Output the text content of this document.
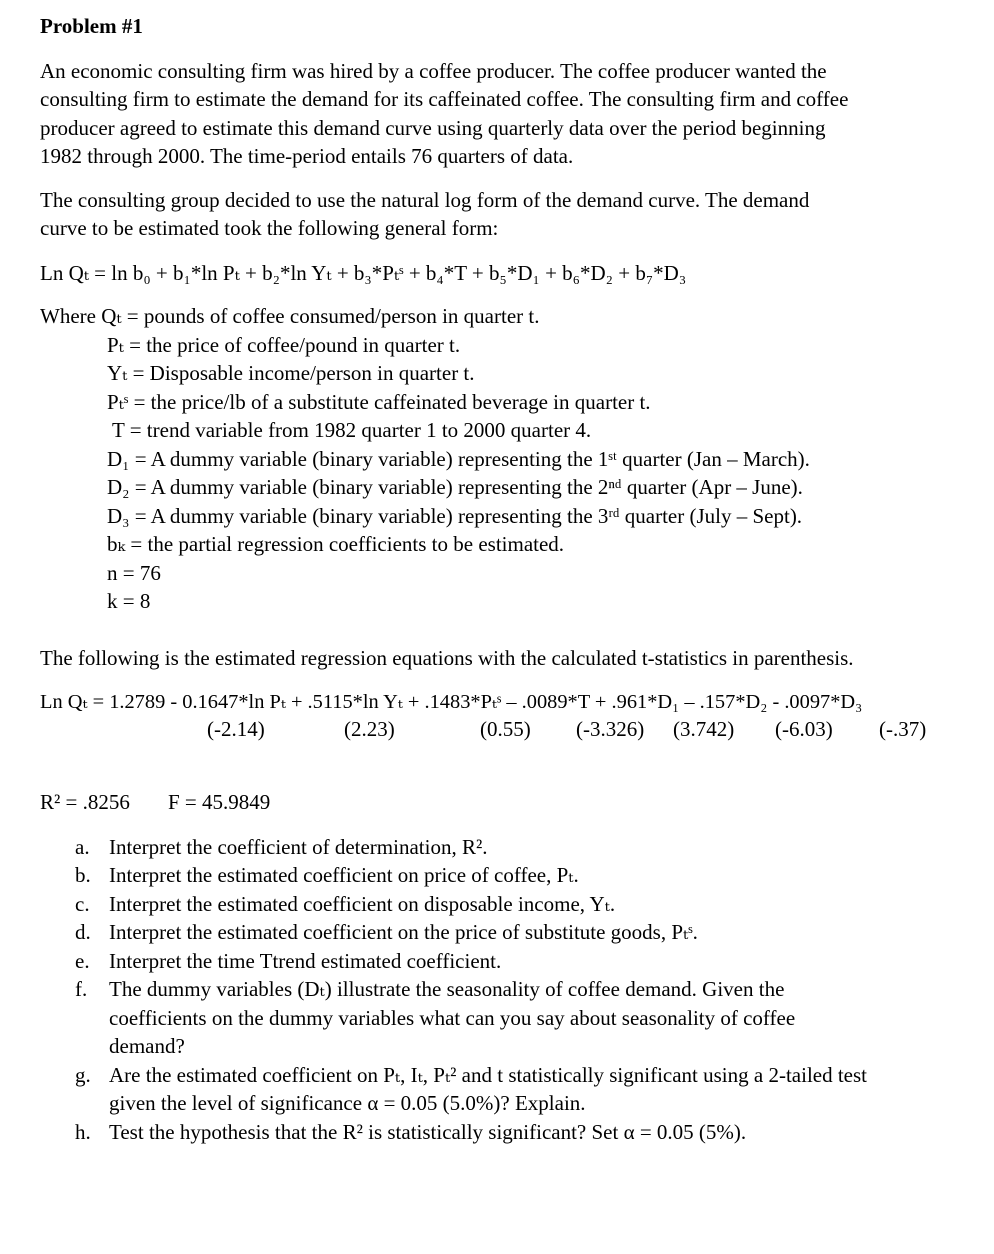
Problem #1
An economic consulting firm was hired by a coffee producer. The coffee producer wanted the
consulting firm to estimate the demand for its caffeinated coffee. The consulting firm and coffee
producer agreed to estimate this demand curve using quarterly data over the period beginning
1982 through 2000. The time-period entails 76 quarters of data.
The consulting group decided to use the natural log form of the demand curve. The demand
curve to be estimated took the following general form:
Ln Qₜ = ln b₀ + b₁*ln Pₜ + b₂*ln Yₜ + b₃*Pₜˢ + b₄*T + b₅*D₁ + b₆*D₂ + b₇*D₃
Where Qₜ = pounds of coffee consumed/person in quarter t.
Pₜ = the price of coffee/pound in quarter t.
Yₜ = Disposable income/person in quarter t.
Pₜˢ = the price/lb of a substitute caffeinated beverage in quarter t.
T = trend variable from 1982 quarter 1 to 2000 quarter 4.
D₁ = A dummy variable (binary variable) representing the 1ˢᵗ quarter (Jan – March).
D₂ = A dummy variable (binary variable) representing the 2ⁿᵈ quarter (Apr – June).
D₃ = A dummy variable (binary variable) representing the 3ʳᵈ quarter (July – Sept).
bₖ = the partial regression coefficients to be estimated.
n = 76
k = 8
The following is the estimated regression equations with the calculated t-statistics in parenthesis.
Ln Qₜ = 1.2789 - 0.1647*ln Pₜ + .5115*ln Yₜ + .1483*Pₜˢ – .0089*T + .961*D₁ – .157*D₂ - .0097*D₃
(-2.14)	(2.23)	(0.55) (-3.326) (3.742) (-6.03) (-.37)
R² = .8256 F = 45.9849
a. Interpret the coefficient of determination, R².
b. Interpret the estimated coefficient on price of coffee, Pₜ.
c. Interpret the estimated coefficient on disposable income, Yₜ.
d. Interpret the estimated coefficient on the price of substitute goods, Pₜˢ.
e. Interpret the time Ttrend estimated coefficient.
f.	The dummy variables (Dₜ) illustrate the seasonality of coffee demand. Given the
coefficients on the dummy variables what can you say about seasonality of coffee
demand?
g. Are the estimated coefficient on Pₜ, Iₜ, Pₜ² and t statistically significant using a 2-tailed test
given the level of significance α = 0.05 (5.0%)? Explain.
h. Test the hypothesis that the R² is statistically significant? Set α = 0.05 (5%).
